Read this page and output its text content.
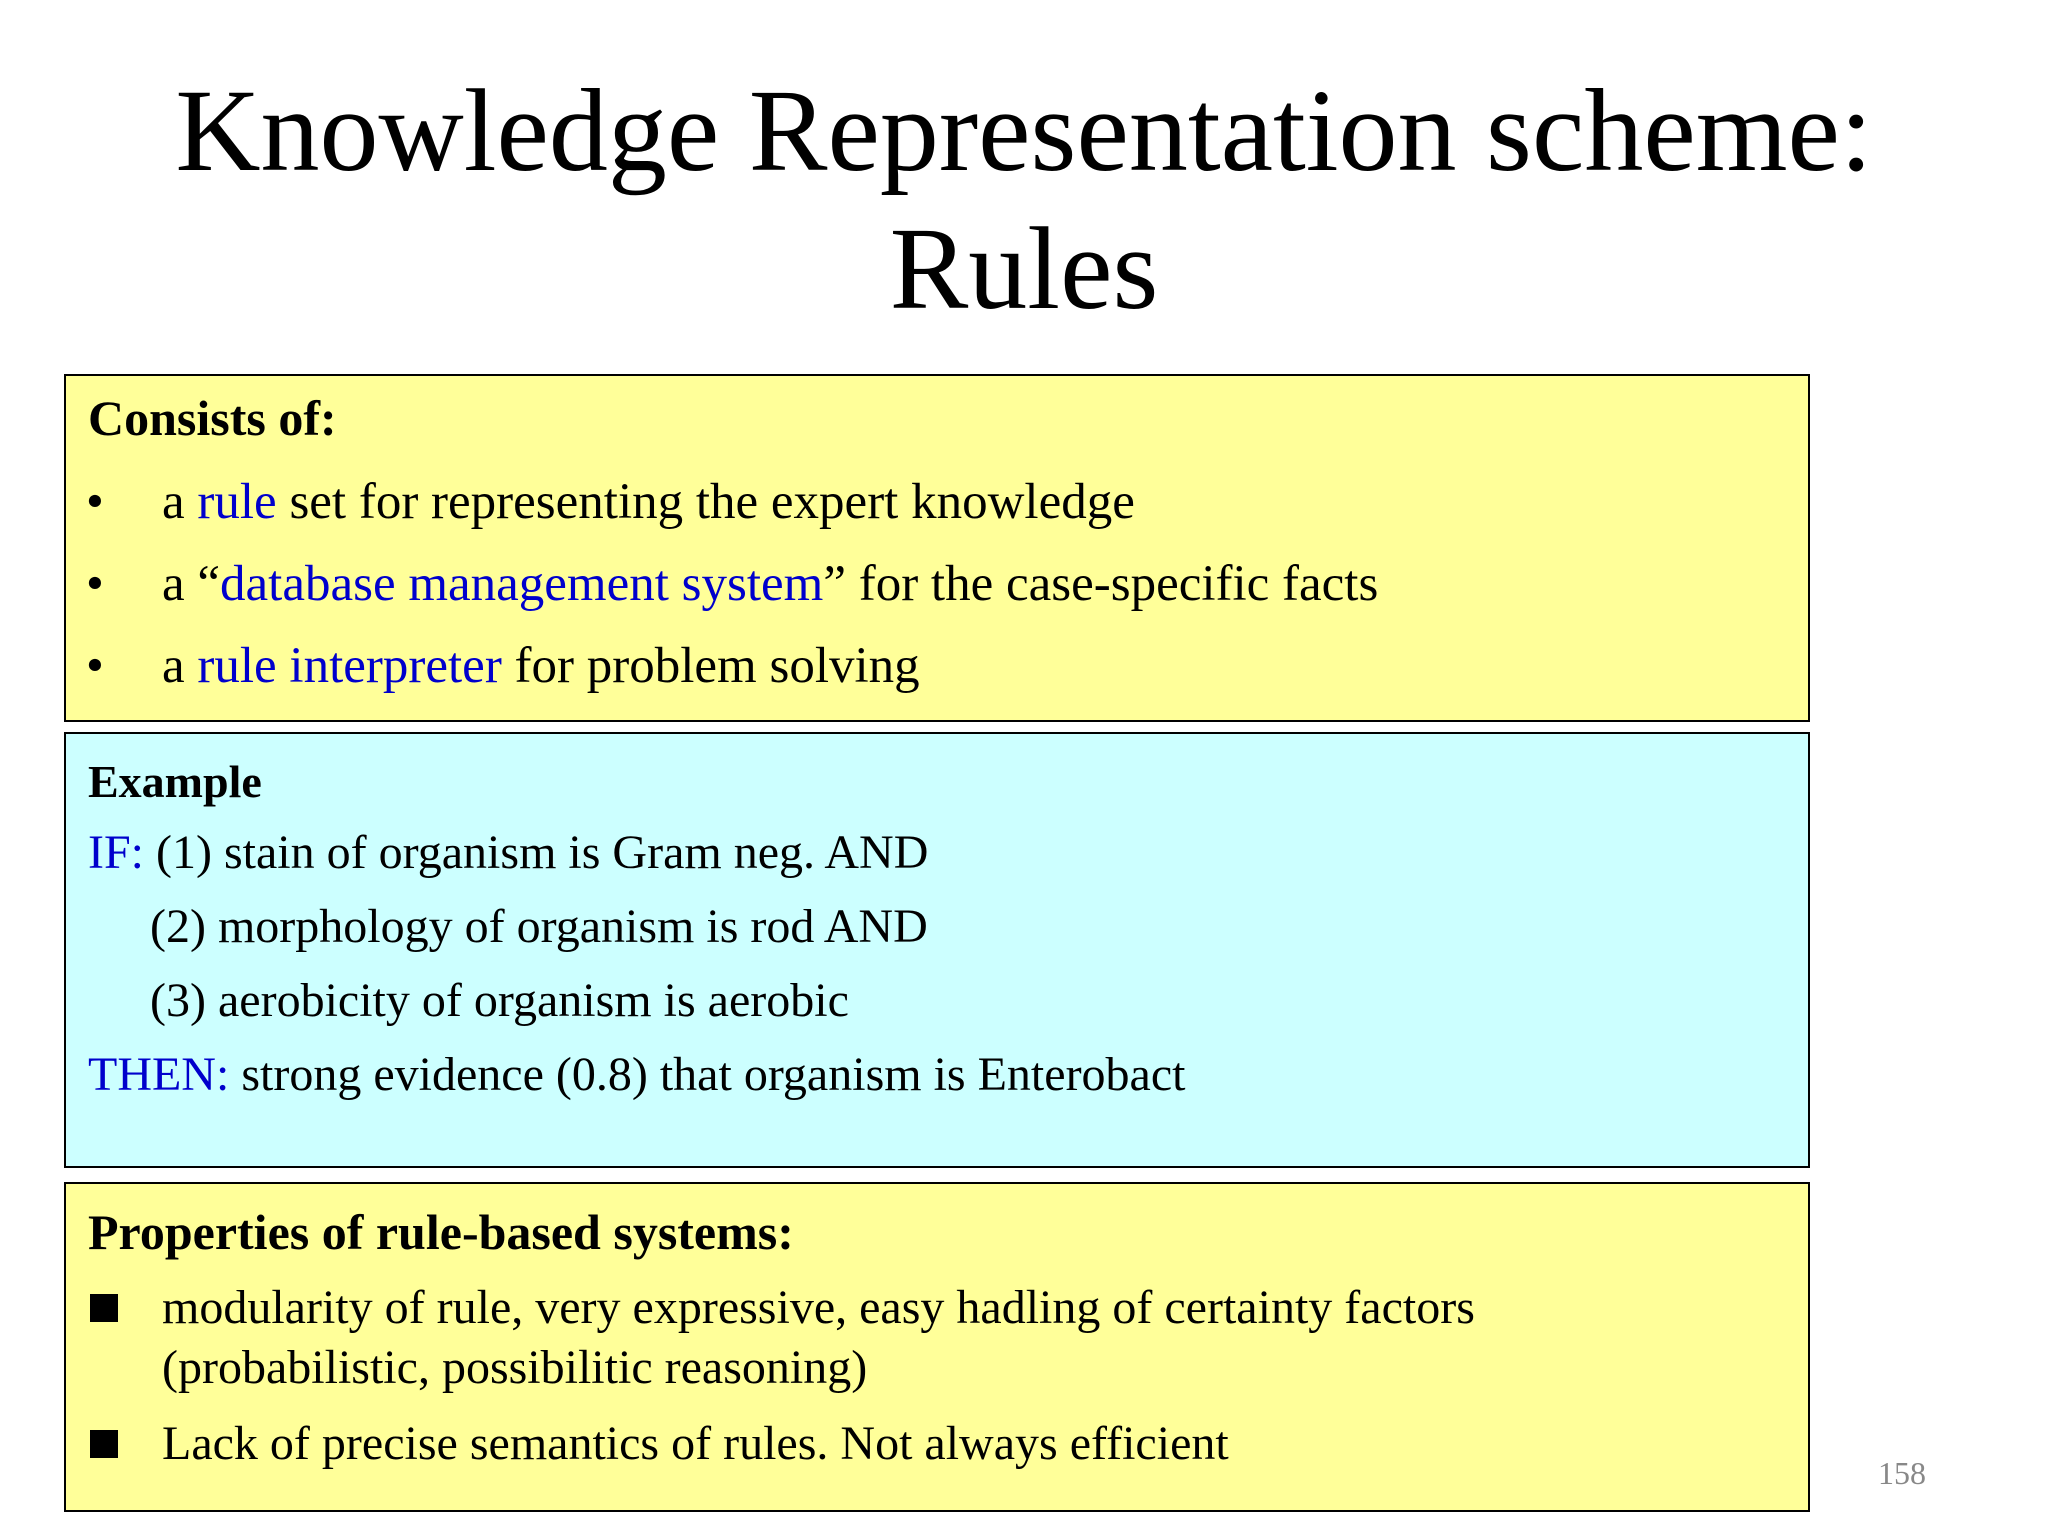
Knowledge Representation scheme:
Rules
Consists of:
• a rule set for representing the expert knowledge
• a “database management system” for the case-specific facts
• a rule interpreter for problem solving
Example
IF: (1) stain of organism is Gram neg. AND
(2) morphology of organism is rod AND
(3) aerobicity of organism is aerobic
THEN: strong evidence (0.8) that organism is Enterobact
Properties of rule-based systems:
modularity of rule, very expressive, easy hadling of certainty factors
(probabilistic, possibilitic reasoning)
Lack of precise semantics of rules. Not always efficient
158
